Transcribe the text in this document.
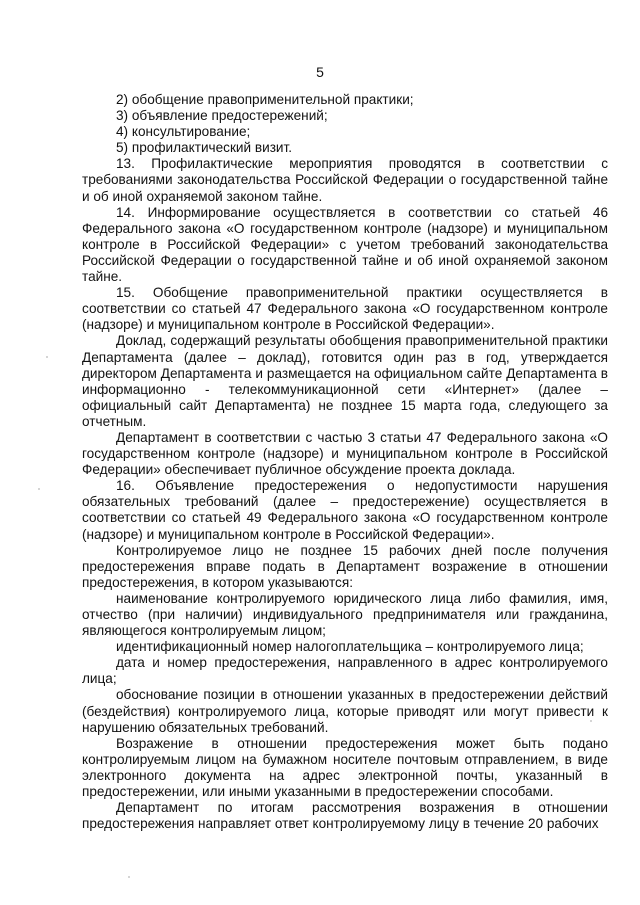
5

2) обобщение правоприменительной практики;

3) объявление предостережений;

4) консультирование;

5) профилактический визит.

13. Профилактические мероприятия проводятся в соответствии с требованиями законодательства Российской Федерации о государственной тайне и об иной охраняемой законом тайне.

14. Информирование осуществляется в соответствии со статьей 46 Федерального закона «О государственном контроле (надзоре) и муниципальном контроле в Российской Федерации» с учетом требований законодательства Российской Федерации о государственной тайне и об иной охраняемой законом тайне.

15. Обобщение правоприменительной практики осуществляется в соответствии со статьей 47 Федерального закона «О государственном контроле (надзоре) и муниципальном контроле в Российской Федерации».

Доклад, содержащий результаты обобщения правоприменительной практики Департамента (далее – доклад), готовится один раз в год, утверждается директором Департамента и размещается на официальном сайте Департамента в информационно - телекоммуникационной сети «Интернет» (далее – официальный сайт Департамента) не позднее 15 марта года, следующего за отчетным.

Департамент в соответствии с частью 3 статьи 47 Федерального закона «О государственном контроле (надзоре) и муниципальном контроле в Российской Федерации» обеспечивает публичное обсуждение проекта доклада.

16. Объявление предостережения о недопустимости нарушения обязательных требований (далее – предостережение) осуществляется в соответствии со статьей 49 Федерального закона «О государственном контроле (надзоре) и муниципальном контроле в Российской Федерации».

Контролируемое лицо не позднее 15 рабочих дней после получения предостережения вправе подать в Департамент возражение в отношении предостережения, в котором указываются:

наименование контролируемого юридического лица либо фамилия, имя, отчество (при наличии) индивидуального предпринимателя или гражданина, являющегося контролируемым лицом;

идентификационный номер налогоплательщика – контролируемого лица;

дата и номер предостережения, направленного в адрес контролируемого лица;

обоснование позиции в отношении указанных в предостережении действий (бездействия) контролируемого лица, которые приводят или могут привести к нарушению обязательных требований.

Возражение в отношении предостережения может быть подано контролируемым лицом на бумажном носителе почтовым отправлением, в виде электронного документа на адрес электронной почты, указанный в предостережении, или иными указанными в предостережении способами.

Департамент по итогам рассмотрения возражения в отношении предостережения направляет ответ контролируемому лицу в течение 20 рабочих
